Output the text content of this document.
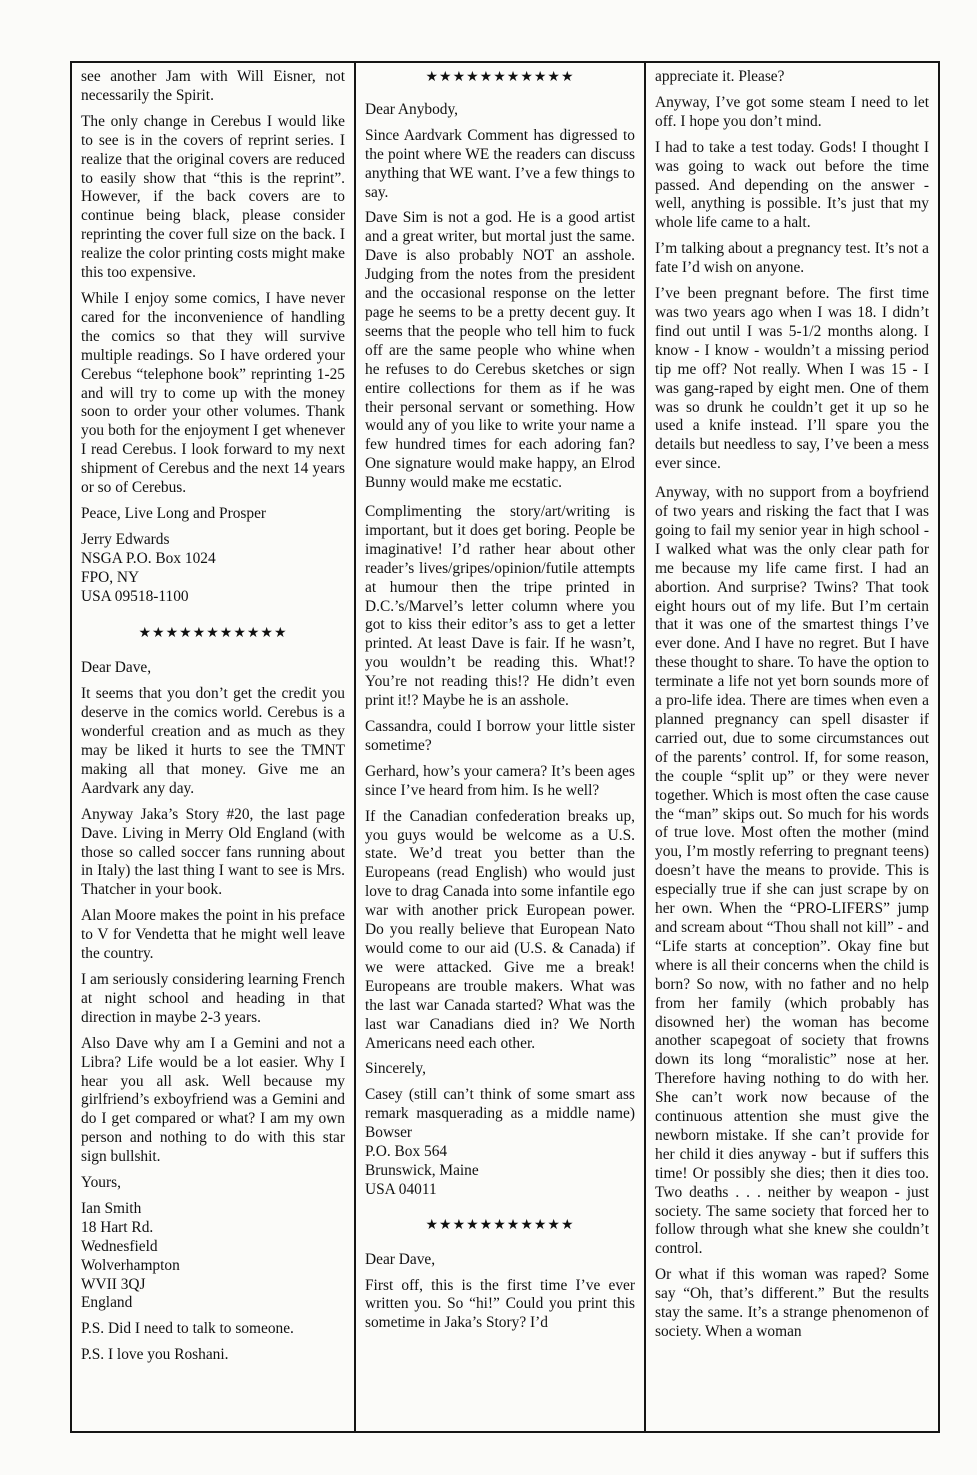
see another Jam with Will Eisner, not necessarily the Spirit.

The only change in Cerebus I would like to see is in the covers of reprint series. I realize that the original covers are reduced to easily show that “this is the reprint”. However, if the back covers are to continue being black, please consider reprinting the cover full size on the back. I realize the color printing costs might make this too expensive.

While I enjoy some comics, I have never cared for the inconvenience of handling the comics so that they will survive multiple readings. So I have ordered your Cerebus “telephone book” reprinting 1-25 and will try to come up with the money soon to order your other volumes. Thank you both for the enjoyment I get whenever I read Cerebus. I look forward to my next shipment of Cerebus and the next 14 years or so of Cerebus.

Peace, Live Long and Prosper

Jerry Edwards

NSGA P.O. Box 1024

FPO, NY

USA 09518-1100

★★★★★★★★★★★

Dear Dave,

It seems that you don’t get the credit you deserve in the comics world. Cerebus is a wonderful creation and as much as they may be liked it hurts to see the TMNT making all that money. Give me an Aardvark any day.

Anyway Jaka’s Story #20, the last page Dave. Living in Merry Old England (with those so called soccer fans running about in Italy) the last thing I want to see is Mrs. Thatcher in your book.

Alan Moore makes the point in his preface to V for Vendetta that he might well leave the country.

I am seriously considering learning French at night school and heading in that direction in maybe 2-3 years.

Also Dave why am I a Gemini and not a Libra? Life would be a lot easier. Why I hear you all ask. Well because my girlfriend’s exboyfriend was a Gemini and do I get compared or what? I am my own person and nothing to do with this star sign bullshit.

Yours,

Ian Smith

18 Hart Rd.

Wednesfield

Wolverhampton

WVII 3QJ

England

P.S. Did I need to talk to someone.

P.S. I love you Roshani.

★★★★★★★★★★★

Dear Anybody,

Since Aardvark Comment has digressed to the point where WE the readers can discuss anything that WE want. I’ve a few things to say.

Dave Sim is not a god. He is a good artist and a great writer, but mortal just the same. Dave is also probably NOT an asshole. Judging from the notes from the president and the occasional response on the letter page he seems to be a pretty decent guy. It seems that the people who tell him to fuck off are the same people who whine when he refuses to do Cerebus sketches or sign entire collections for them as if he was their personal servant or something. How would any of you like to write your name a few hundred times for each adoring fan? One signature would make happy, an Elrod Bunny would make me ecstatic.

Complimenting the story/art/writing is important, but it does get boring. People be imaginative! I’d rather hear about other reader’s lives/gripes/opinion/futile attempts at humour then the tripe printed in D.C.’s/Marvel’s letter column where you got to kiss their editor’s ass to get a letter printed. At least Dave is fair. If he wasn’t, you wouldn’t be reading this. What!? You’re not reading this!? He didn’t even print it!? Maybe he is an asshole.

Cassandra, could I borrow your little sister sometime?

Gerhard, how’s your camera? It’s been ages since I’ve heard from him. Is he well?

If the Canadian confederation breaks up, you guys would be welcome as a U.S. state. We’d treat you better than the Europeans (read English) who would just love to drag Canada into some infantile ego war with another prick European power. Do you really believe that European Nato would come to our aid (U.S. & Canada) if we were attacked. Give me a break! Europeans are trouble makers. What was the last war Canada started? What was the last war Canadians died in? We North Americans need each other.

Sincerely,

Casey (still can’t think of some smart ass remark masquerading as a middle name) Bowser

P.O. Box 564

Brunswick, Maine

USA 04011

★★★★★★★★★★★

Dear Dave,

First off, this is the first time I’ve ever written you. So “hi!” Could you print this sometime in Jaka’s Story? I’d

appreciate it. Please?

Anyway, I’ve got some steam I need to let off. I hope you don’t mind.

I had to take a test today. Gods! I thought I was going to wack out before the time passed. And depending on the answer - well, anything is possible. It’s just that my whole life came to a halt.

I’m talking about a pregnancy test. It’s not a fate I’d wish on anyone.

I’ve been pregnant before. The first time was two years ago when I was 18. I didn’t find out until I was 5-1/2 months along. I know - I know - wouldn’t a missing period tip me off? Not really. When I was 15 - I was gang-raped by eight men. One of them was so drunk he couldn’t get it up so he used a knife instead. I’ll spare you the details but needless to say, I’ve been a mess ever since.

Anyway, with no support from a boyfriend of two years and risking the fact that I was going to fail my senior year in high school - I walked what was the only clear path for me because my life came first. I had an abortion. And surprise? Twins? That took eight hours out of my life. But I’m certain that it was one of the smartest things I’ve ever done. And I have no regret. But I have these thought to share. To have the option to terminate a life not yet born sounds more of a pro-life idea. There are times when even a planned pregnancy can spell disaster if carried out, due to some circumstances out of the parents’ control. If, for some reason, the couple “split up” or they were never together. Which is most often the case cause the “man” skips out. So much for his words of true love. Most often the mother (mind you, I’m mostly referring to pregnant teens) doesn’t have the means to provide. This is especially true if she can just scrape by on her own. When the “PRO-LIFERS” jump and scream about “Thou shall not kill” - and “Life starts at conception”. Okay fine but where is all their concerns when the child is born? So now, with no father and no help from her family (which probably has disowned her) the woman has become another scapegoat of society that frowns down its long “moralistic” nose at her. Therefore having nothing to do with her. She can’t work now because of the continuous attention she must give the newborn mistake. If she can’t provide for her child it dies anyway - but if suffers this time! Or possibly she dies; then it dies too. Two deaths . . . neither by weapon - just society. The same society that forced her to follow through what she knew she couldn’t control.

Or what if this woman was raped? Some say “Oh, that’s different.” But the results stay the same. It’s a strange phenomenon of society. When a woman
